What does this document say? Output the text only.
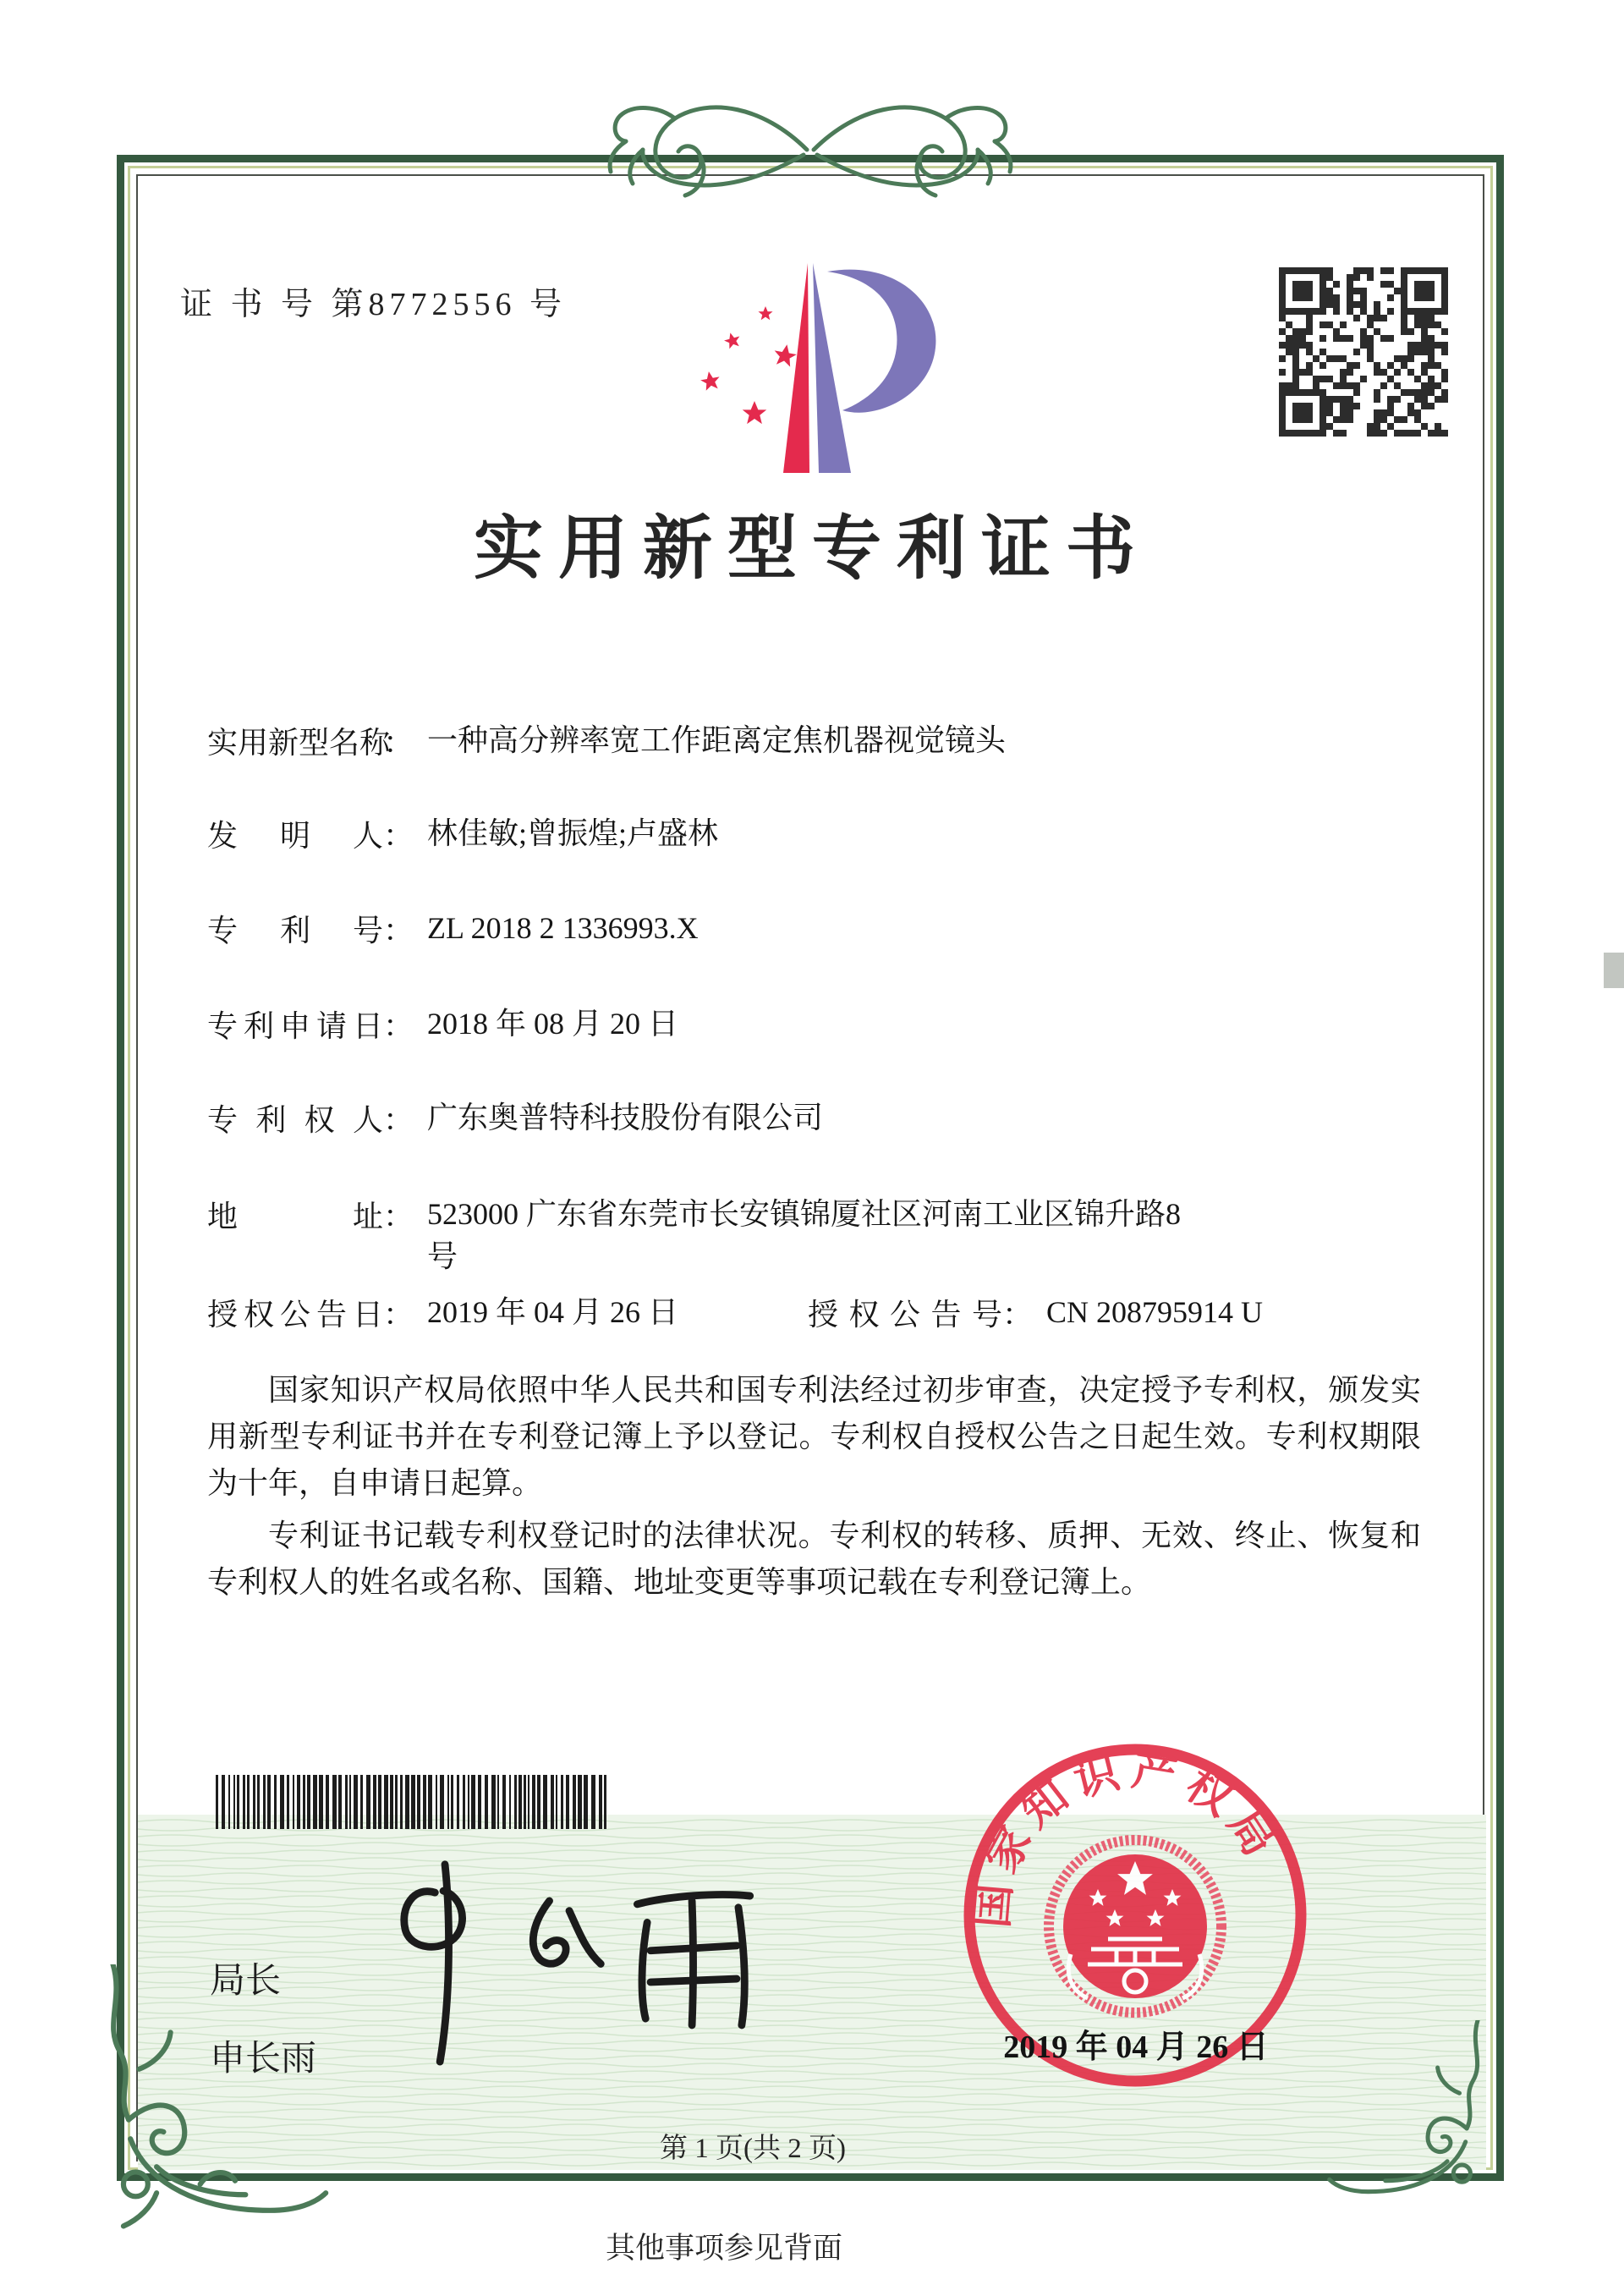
证 书 号 第8772556 号
实用新型专利证书
实用新型名称： 一种高分辨率宽工作距离定焦机器视觉镜头
发明人： 林佳敏;曾振煌;卢盛林
专利号： ZL 2018 2 1336993.X
专利申请日： 2018 年 08 月 20 日
专利权人： 广东奥普特科技股份有限公司
地址： 523000 广东省东莞市长安镇锦厦社区河南工业区锦升路8
号
授权公告日： 2019 年 04 月 26 日	授权公告号： CN 208795914 U

国家知识产权局依照中华人民共和国专利法经过初步审查，决定授予专利权，颁发实用新型专利证书并在专利登记簿上予以登记。专利权自授权公告之日起生效。专利权期限为十年，自申请日起算。

专利证书记载专利权登记时的法律状况。专利权的转移、质押、无效、终止、恢复和专利权人的姓名或名称、国籍、地址变更等事项记载在专利登记簿上。

局长
申长雨
国家知识产权局
2019 年 04 月 26 日
第 1 页(共 2 页)
其他事项参见背面
